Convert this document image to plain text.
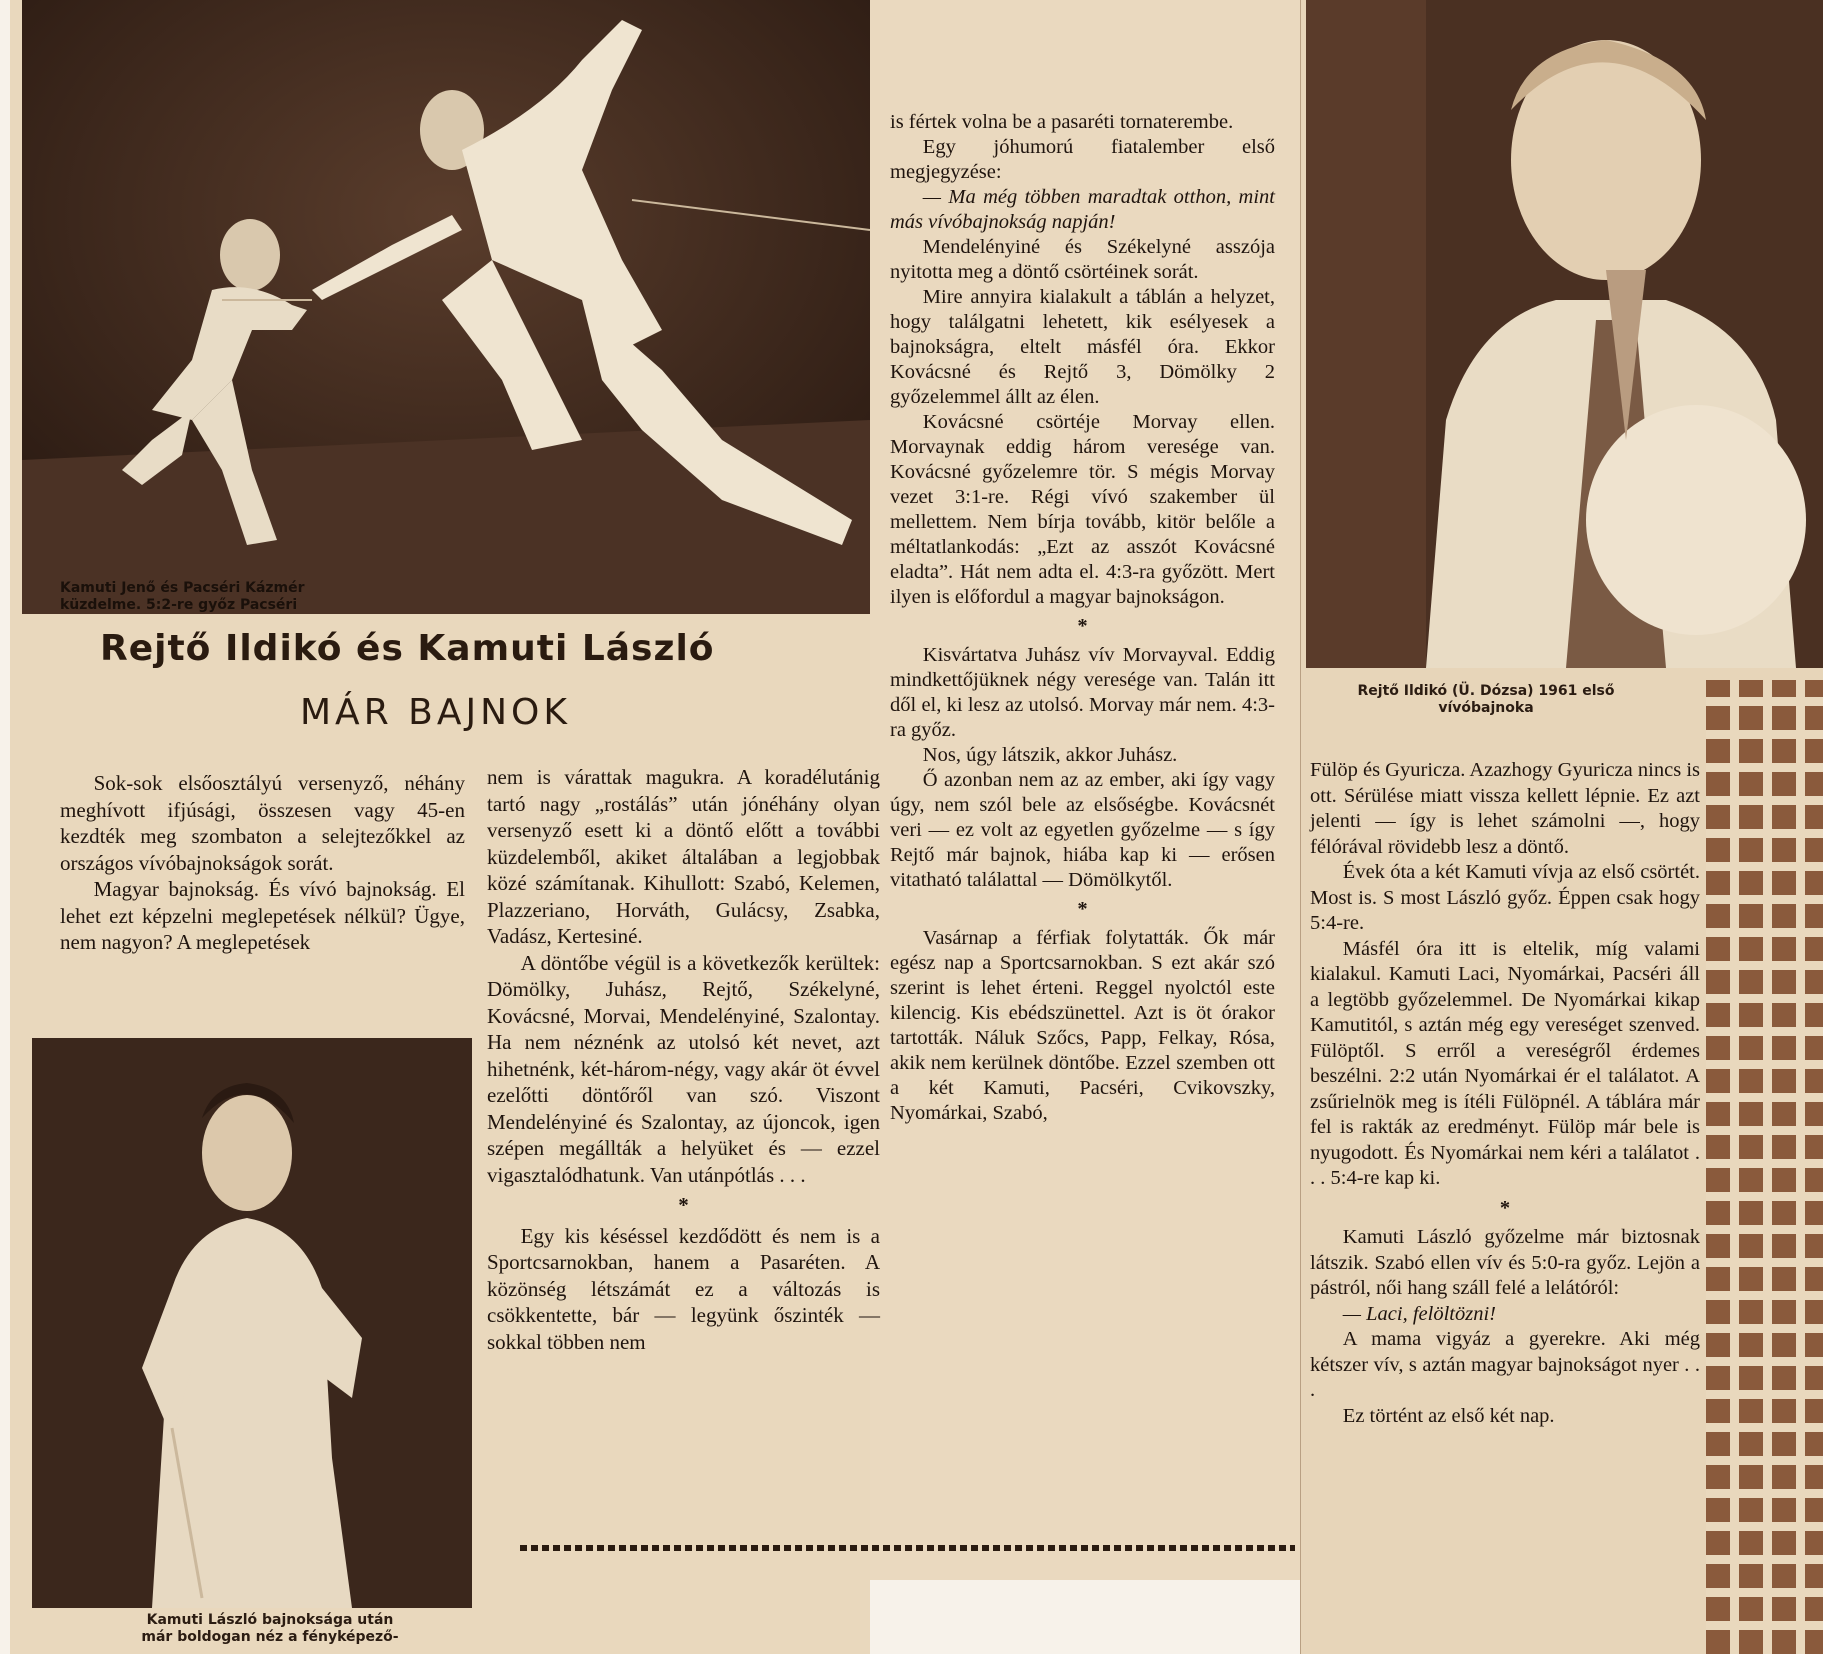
Kamuti Jenő és Pacséri Kázmér
küzdelme. 5:2-re győz Pacséri
Rejtő Ildikó (Ü. Dózsa) 1961 első
vívóbajnoka
Rejtő Ildikó és Kamuti László
MÁR BAJNOK
Kamuti László bajnoksága után
már boldogan néz a fényképező-

Sok-sok elsőosztályú versenyző, néhány meghívott ifjúsági, összesen vagy 45-en kezdték meg szombaton a selejtezőkkel az országos vívóbajnokságok sorát.

Magyar bajnokság. És vívó bajnokság. El lehet ezt képzelni meglepetések nélkül? Ügye, nem nagyon? A meglepetések

nem is várattak magukra. A koradélutánig tartó nagy „rostálás” után jónéhány olyan versenyző esett ki a döntő előtt a további küzdelemből, akiket általában a legjobbak közé számítanak. Kihullott: Szabó, Kelemen, Plazzeriano, Horváth, Gulácsy, Zsabka, Vadász, Kertesiné.

A döntőbe végül is a következők kerültek: Dömölky, Juhász, Rejtő, Székelyné, Kovácsné, Morvai, Mendelényiné, Szalontay. Ha nem néznénk az utolsó két nevet, azt hihetnénk, két-három-négy, vagy akár öt évvel ezelőtti döntőről van szó. Viszont Mendelényiné és Szalontay, az újoncok, igen szépen megállták a helyüket és — ezzel vigasztalódhatunk. Van utánpótlás . . .

*

Egy kis késéssel kezdődött és nem is a Sportcsarnokban, hanem a Pasaréten. A közönség létszámát ez a változás is csökkentette, bár — legyünk őszinték — sokkal többen nem

is fértek volna be a pasaréti tornaterembe.

Egy jóhumorú fiatalember első megjegyzése:

— Ma még többen maradtak otthon, mint más vívóbajnokság napján!

Mendelényiné és Székelyné asszója nyitotta meg a döntő csörtéinek sorát.

Mire annyira kialakult a táblán a helyzet, hogy találgatni lehetett, kik esélyesek a bajnokságra, eltelt másfél óra. Ekkor Kovácsné és Rejtő 3, Dömölky 2 győzelemmel állt az élen.

Kovácsné csörtéje Morvay ellen. Morvaynak eddig három veresége van. Kovácsné győzelemre tör. S mégis Morvay vezet 3:1-re. Régi vívó szakember ül mellettem. Nem bírja tovább, kitör belőle a méltatlankodás: „Ezt az asszót Kovácsné eladta”. Hát nem adta el. 4:3-ra győzött. Mert ilyen is előfordul a magyar bajnokságon.

*

Kisvártatva Juhász vív Morvayval. Eddig mindkettőjüknek négy veresége van. Talán itt dől el, ki lesz az utolsó. Morvay már nem. 4:3-ra győz.

Nos, úgy látszik, akkor Juhász.

Ő azonban nem az az ember, aki így vagy úgy, nem szól bele az elsőségbe. Kovácsnét veri — ez volt az egyetlen győzelme — s így Rejtő már bajnok, hiába kap ki — erősen vitatható találattal — Dömölkytől.

*

Vasárnap a férfiak folytatták. Ők már egész nap a Sportcsarnokban. S ezt akár szó szerint is lehet érteni. Reggel nyolctól este kilencig. Kis ebédszünettel. Azt is öt órakor tartották. Náluk Szőcs, Papp, Felkay, Rósa, akik nem kerülnek döntőbe. Ezzel szemben ott a két Kamuti, Pacséri, Cvikovszky, Nyomárkai, Szabó,

Fülöp és Gyuricza. Azazhogy Gyuricza nincs is ott. Sérülése miatt vissza kellett lépnie. Ez azt jelenti — így is lehet számolni —, hogy félórával rövidebb lesz a döntő.

Évek óta a két Kamuti vívja az első csörtét. Most is. S most László győz. Éppen csak hogy 5:4-re.

Másfél óra itt is eltelik, míg valami kialakul. Kamuti Laci, Nyomárkai, Pacséri áll a legtöbb győzelemmel. De Nyomárkai kikap Kamutitól, s aztán még egy vereséget szenved. Fülöptől. S erről a vereségről érdemes beszélni. 2:2 után Nyomárkai ér el találatot. A zsűrielnök meg is ítéli Fülöpnél. A táblára már fel is rakták az eredményt. Fülöp már bele is nyugodott. És Nyomárkai nem kéri a találatot . . . 5:4-re kap ki.

*

Kamuti László győzelme már biztosnak látszik. Szabó ellen vív és 5:0-ra győz. Lejön a pástról, női hang száll felé a lelátóról:

— Laci, felöltözni!

A mama vigyáz a gyerekre. Aki még kétszer vív, s aztán magyar bajnokságot nyer . . .

Ez történt az első két nap.
